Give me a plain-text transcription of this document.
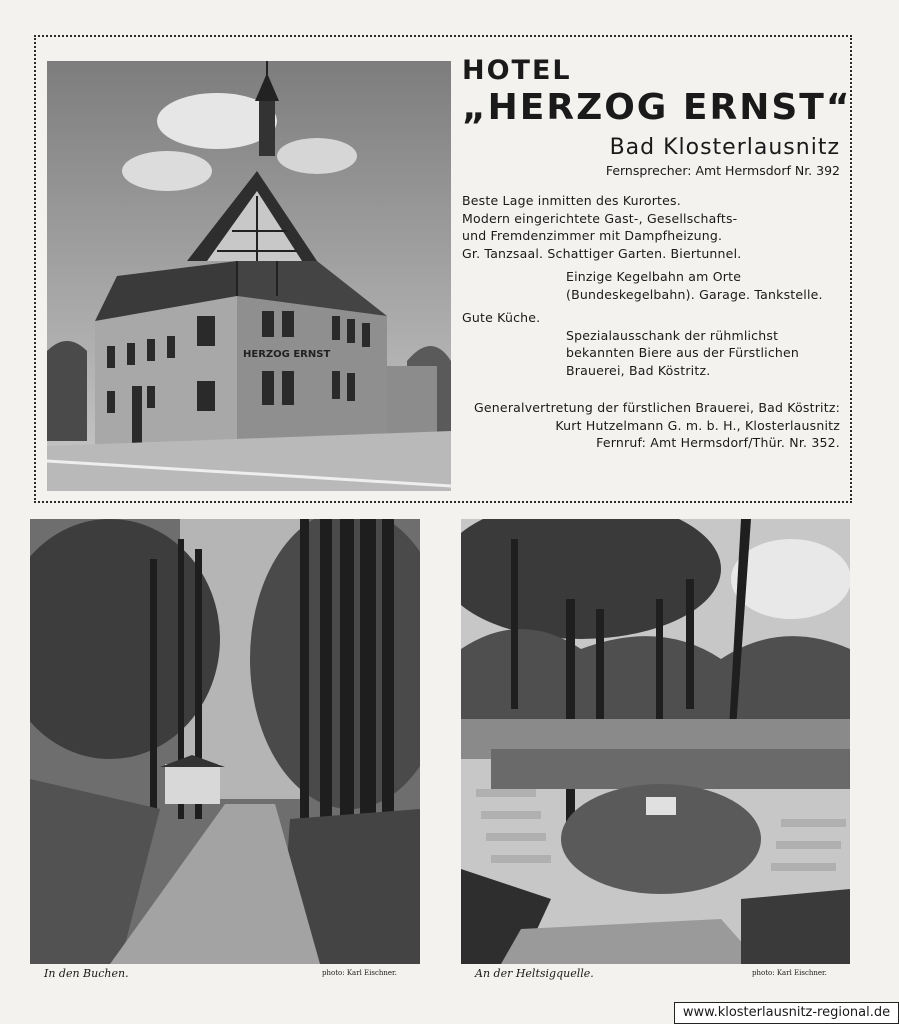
HERZOG ERNST
HOTEL
„HERZOG ERNST“
Bad Klosterlausnitz
Fernsprecher: Amt Hermsdorf Nr. 392

Beste Lage inmitten des Kurortes.

Modern eingerichtete Gast-, Gesellschafts-

und Fremdenzimmer mit Dampfheizung.

Gr. Tanzsaal. Schattiger Garten. Biertunnel.

Einzige Kegelbahn am Orte

(Bundeskegelbahn). Garage. Tankstelle.

Gute Küche.

Spezialausschank der rühmlichst

bekannten Biere aus der Fürstlichen

Brauerei, Bad Köstritz.

Generalvertretung der fürstlichen Brauerei, Bad Köstritz:

Kurt Hutzelmann G. m. b. H., Klosterlausnitz

Fernruf: Amt Hermsdorf/Thür. Nr. 352.

In den Buchen.	photo: Karl Eischner.	An der Heltsigquelle.	photo: Karl Eischner.
www.klosterlausnitz-regional.de
